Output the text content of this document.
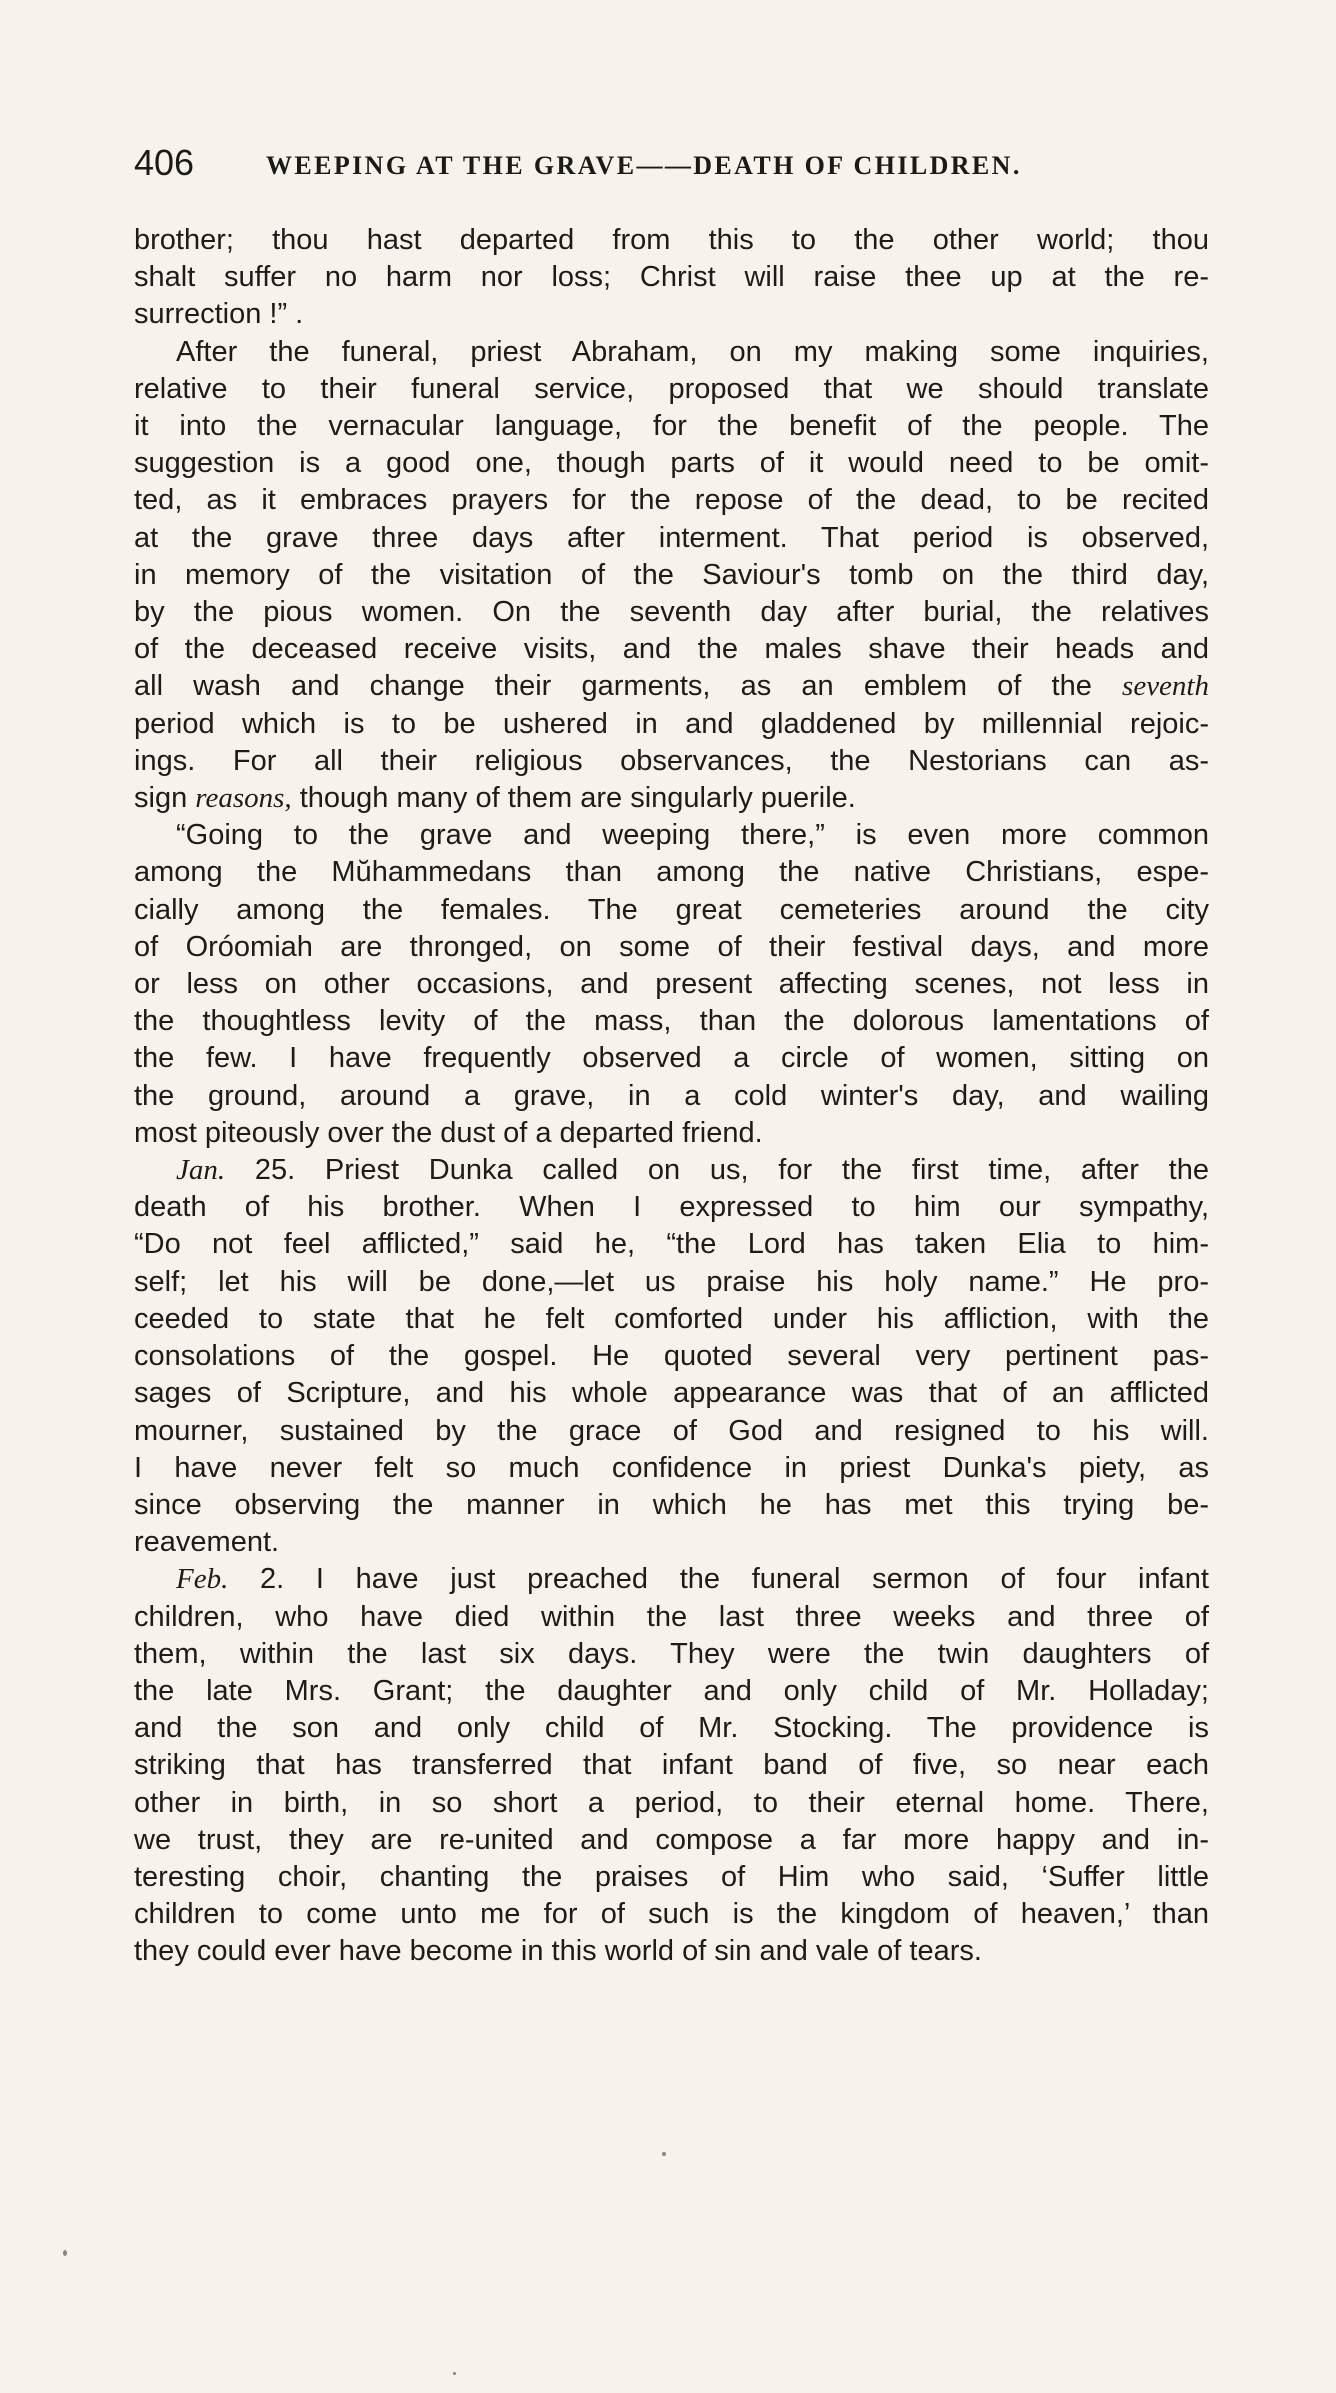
406	WEEPING AT THE GRAVE——DEATH OF CHILDREN.
brother; thou hast departed from this to the other world; thou
shalt suffer no harm nor loss; Christ will raise thee up at the re-
surrection !” .
After the funeral, priest Abraham, on my making some inquiries,
relative to their funeral service, proposed that we should translate
it into the vernacular language, for the benefit of the people. The
suggestion is a good one, though parts of it would need to be omit-
ted, as it embraces prayers for the repose of the dead, to be recited
at the grave three days after interment. That period is observed,
in memory of the visitation of the Saviour's tomb on the third day,
by the pious women. On the seventh day after burial, the relatives
of the deceased receive visits, and the males shave their heads and
all wash and change their garments, as an emblem of the seventh
period which is to be ushered in and gladdened by millennial rejoic-
ings. For all their religious observances, the Nestorians can as-
sign reasons, though many of them are singularly puerile.
“Going to the grave and weeping there,” is even more common
among the Mŭhammedans than among the native Christians, espe-
cially among the females. The great cemeteries around the city
of Oróomiah are thronged, on some of their festival days, and more
or less on other occasions, and present affecting scenes, not less in
the thoughtless levity of the mass, than the dolorous lamentations of
the few. I have frequently observed a circle of women, sitting on
the ground, around a grave, in a cold winter's day, and wailing
most piteously over the dust of a departed friend.
Jan. 25. Priest Dunka called on us, for the first time, after the
death of his brother. When I expressed to him our sympathy,
“Do not feel afflicted,” said he, “the Lord has taken Elia to him-
self; let his will be done,—let us praise his holy name.” He pro-
ceeded to state that he felt comforted under his affliction, with the
consolations of the gospel. He quoted several very pertinent pas-
sages of Scripture, and his whole appearance was that of an afflicted
mourner, sustained by the grace of God and resigned to his will.
I have never felt so much confidence in priest Dunka's piety, as
since observing the manner in which he has met this trying be-
reavement.
Feb. 2. I have just preached the funeral sermon of four infant
children, who have died within the last three weeks and three of
them, within the last six days. They were the twin daughters of
the late Mrs. Grant; the daughter and only child of Mr. Holladay;
and the son and only child of Mr. Stocking. The providence is
striking that has transferred that infant band of five, so near each
other in birth, in so short a period, to their eternal home. There,
we trust, they are re-united and compose a far more happy and in-
teresting choir, chanting the praises of Him who said, ‘Suffer little
children to come unto me for of such is the kingdom of heaven,’ than
they could ever have become in this world of sin and vale of tears.
